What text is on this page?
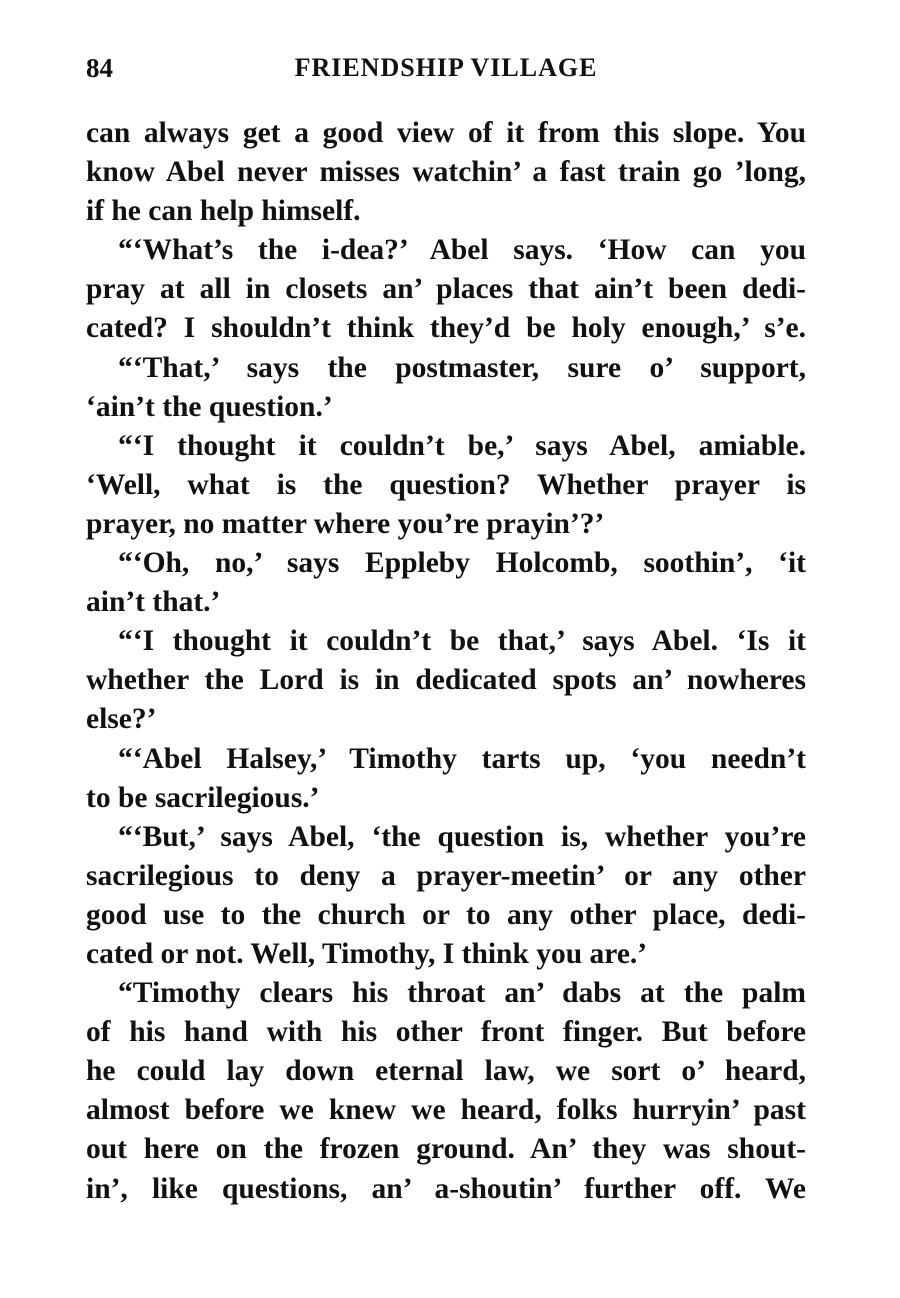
84	FRIENDSHIP VILLAGE
can always get a good view of it from this slope. You
know Abel never misses watchin’ a fast train go ’long,
if he can help himself.
“‘What’s the i-dea?’ Abel says. ‘How can you
pray at all in closets an’ places that ain’t been dedi-
cated? I shouldn’t think they’d be holy enough,’ s’e.
“‘That,’ says the postmaster, sure o’ support,
‘ain’t the question.’
“‘I thought it couldn’t be,’ says Abel, amiable.
‘Well, what is the question? Whether prayer is
prayer, no matter where you’re prayin’?’
“‘Oh, no,’ says Eppleby Holcomb, soothin’, ‘it
ain’t that.’
“‘I thought it couldn’t be that,’ says Abel. ‘Is it
whether the Lord is in dedicated spots an’ nowheres
else?’
“‘Abel Halsey,’ Timothy tarts up, ‘you needn’t
to be sacrilegious.’
“‘But,’ says Abel, ‘the question is, whether you’re
sacrilegious to deny a prayer-meetin’ or any other
good use to the church or to any other place, dedi-
cated or not. Well, Timothy, I think you are.’
“Timothy clears his throat an’ dabs at the palm
of his hand with his other front finger. But before
he could lay down eternal law, we sort o’ heard,
almost before we knew we heard, folks hurryin’ past
out here on the frozen ground. An’ they was shout-
in’, like questions, an’ a-shoutin’ further off. We
